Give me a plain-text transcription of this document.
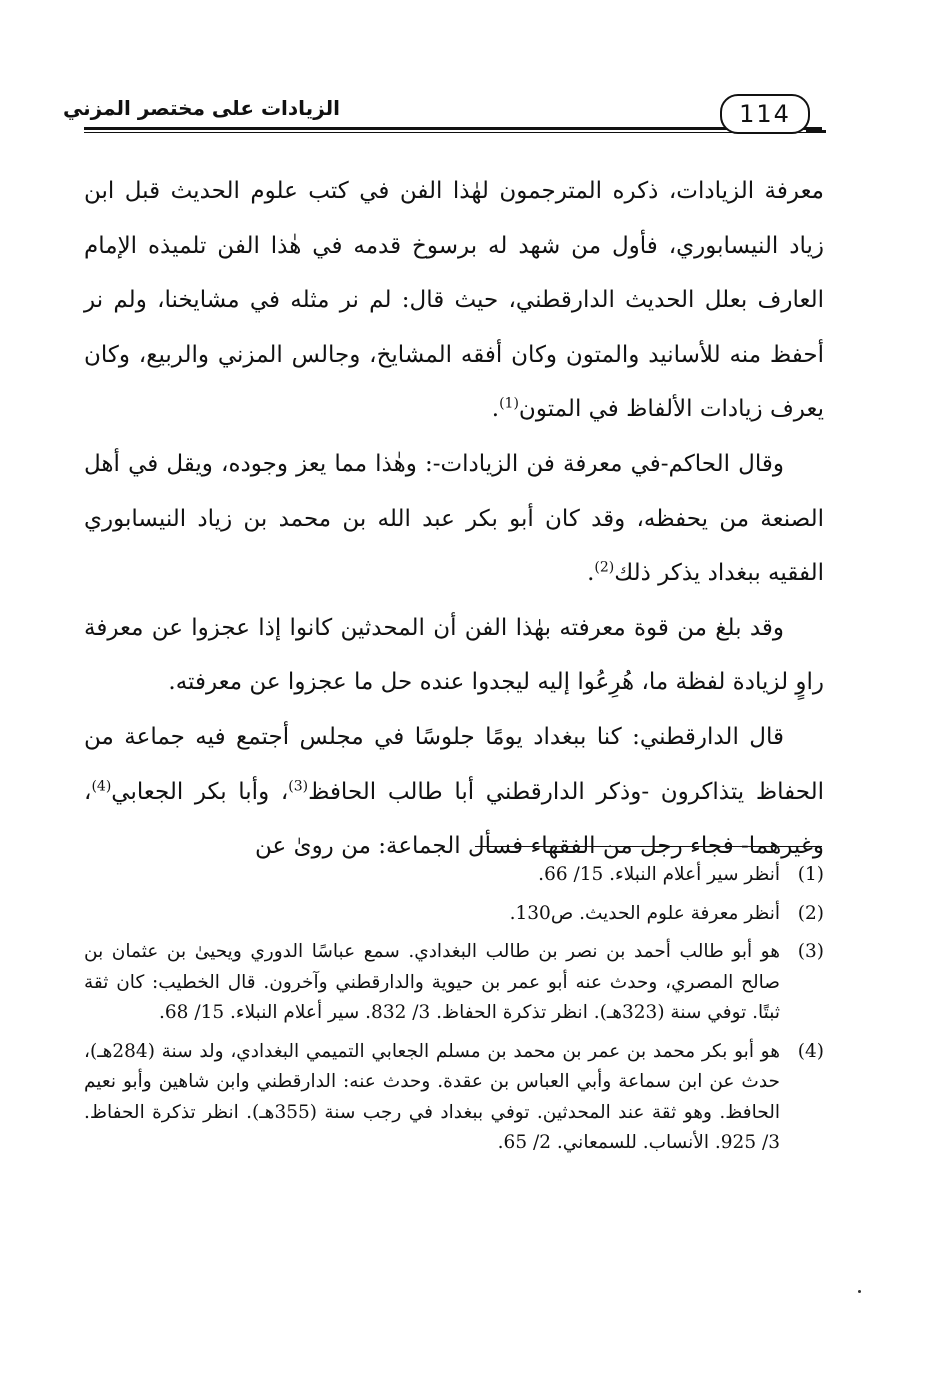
الزيادات على مختصر المزني	114

معرفة الزيادات، ذكره المترجمون لهٰذا الفن في كتب علوم الحديث قبل ابن زياد النيسابوري، فأول من شهد له برسوخ قدمه في هٰذا الفن تلميذه الإمام العارف بعلل الحديث الدارقطني، حيث قال: لم نر مثله في مشايخنا، ولم نر أحفظ منه للأسانيد والمتون وكان أفقه المشايخ، وجالس المزني والربيع، وكان يعرف زيادات الألفاظ في المتون$^{(1)}$.

وقال الحاكم-في معرفة فن الزيادات-: وهٰذا مما يعز وجوده، ويقل في أهل الصنعة من يحفظه، وقد كان أبو بكر عبد الله بن محمد بن زياد النيسابوري الفقيه ببغداد يذكر ذلك$^{(2)}$.

وقد بلغ من قوة معرفته بهٰذا الفن أن المحدثين كانوا إذا عجزوا عن معرفة راوٍ لزيادة لفظة ما، هُرِعُوا إليه ليجدوا عنده حل ما عجزوا عن معرفته.

قال الدارقطني: كنا ببغداد يومًا جلوسًا في مجلس أجتمع فيه جماعة من الحفاظ يتذاكرون -وذكر الدارقطني أبا طالب الحافظ$^{(3)}$، وأبا بكر الجعابي$^{(4)}$، وغيرهما- فجاء رجل من الفقهاء فسأل الجماعة: من روىٰ عن

(1)
أنظر سير أعلام النبلاء. 15/ 66.
(2)
أنظر معرفة علوم الحديث. ص130.
(3)
هو أبو طالب أحمد بن نصر بن طالب البغدادي. سمع عباسًا الدوري ويحيىٰ بن عثمان بن صالح المصري، وحدث عنه أبو عمر بن حيوية والدارقطني وآخرون. قال الخطيب: كان ثقة ثبتًا. توفي سنة (323هـ). انظر تذكرة الحفاظ. 3/ 832. سير أعلام النبلاء. 15/ 68.
(4)
هو أبو بكر محمد بن عمر بن محمد بن مسلم الجعابي التميمي البغدادي، ولد سنة (284هـ)، حدث عن ابن سماعة وأبي العباس بن عقدة. وحدث عنه: الدارقطني وابن شاهين وأبو نعيم الحافظ. وهو ثقة عند المحدثين. توفي ببغداد في رجب سنة (355هـ). انظر تذكرة الحفاظ. 3/ 925. الأنساب. للسمعاني. 2/ 65.
